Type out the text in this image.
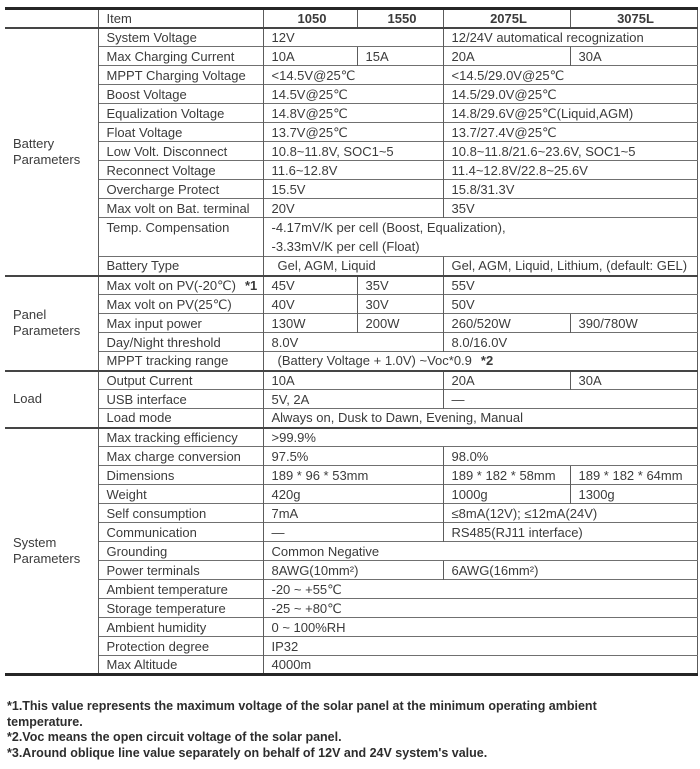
	Item	1050	1550	2075L	3075L

Battery
Parameters	System Voltage	12V		12/24V automatical recognization	
	Max Charging Current	10A	15A	20A	30A
	MPPT Charging Voltage	<14.5V@25℃		<14.5/29.0V@25℃	
	Boost Voltage	14.5V@25℃		14.5/29.0V@25℃	
	Equalization Voltage	14.8V@25℃		14.8/29.6V@25℃(Liquid,AGM)	
	Float Voltage	13.7V@25℃		13.7/27.4V@25℃	
	Low Volt. Disconnect	10.8~11.8V, SOC1~5		10.8~11.8/21.6~23.6V, SOC1~5	
	Reconnect Voltage	11.6~12.8V		11.4~12.8V/22.8~25.6V	
	Overcharge Protect	15.5V		15.8/31.3V	
	Max volt on Bat. terminal	20V		35V	
	Temp. Compensation	-4.17mV/K per cell (Boost, Equalization),
-3.33mV/K per cell (Float)			

	Battery Type	Gel, AGM, Liquid		Gel, AGM, Liquid, Lithium, (default: GEL)	

Panel
Parameters	Max volt on PV(-20℃) *1	45V	35V	55V	
	Max volt on PV(25℃)	40V	30V	50V	
	Max input power	130W	200W	260/520W	390/780W
	Day/Night threshold	8.0V		8.0/16.0V	
	MPPT tracking range	(Battery Voltage + 1.0V) ~Voc*0.9 *2			

Load	Output Current	10A		20A	30A
	USB interface	5V, 2A		—	
	Load mode	Always on, Dusk to Dawn, Evening, Manual			

System
Parameters	Max tracking efficiency	>99.9%			
	Max charge conversion	97.5%		98.0%	
	Dimensions	189 * 96 * 53mm		189 * 182 * 58mm	189 * 182 * 64mm
	Weight	420g		1000g	1300g
	Self consumption	7mA		≤8mA(12V); ≤12mA(24V)	
	Communication	—		RS485(RJ11 interface)	
	Grounding	Common Negative			
	Power terminals	8AWG(10mm²)		6AWG(16mm²)	
	Ambient temperature	-20 ~ +55℃			
	Storage temperature	-25 ~ +80℃			
	Ambient humidity	0 ~ 100%RH			
	Protection degree	IP32			
	Max Altitude	4000m			

*1.This value represents the maximum voltage of the solar panel at the minimum operating ambient temperature.

*2.Voc means the open circuit voltage of the solar panel.

*3.Around oblique line value separately on behalf of 12V and 24V system's value.
